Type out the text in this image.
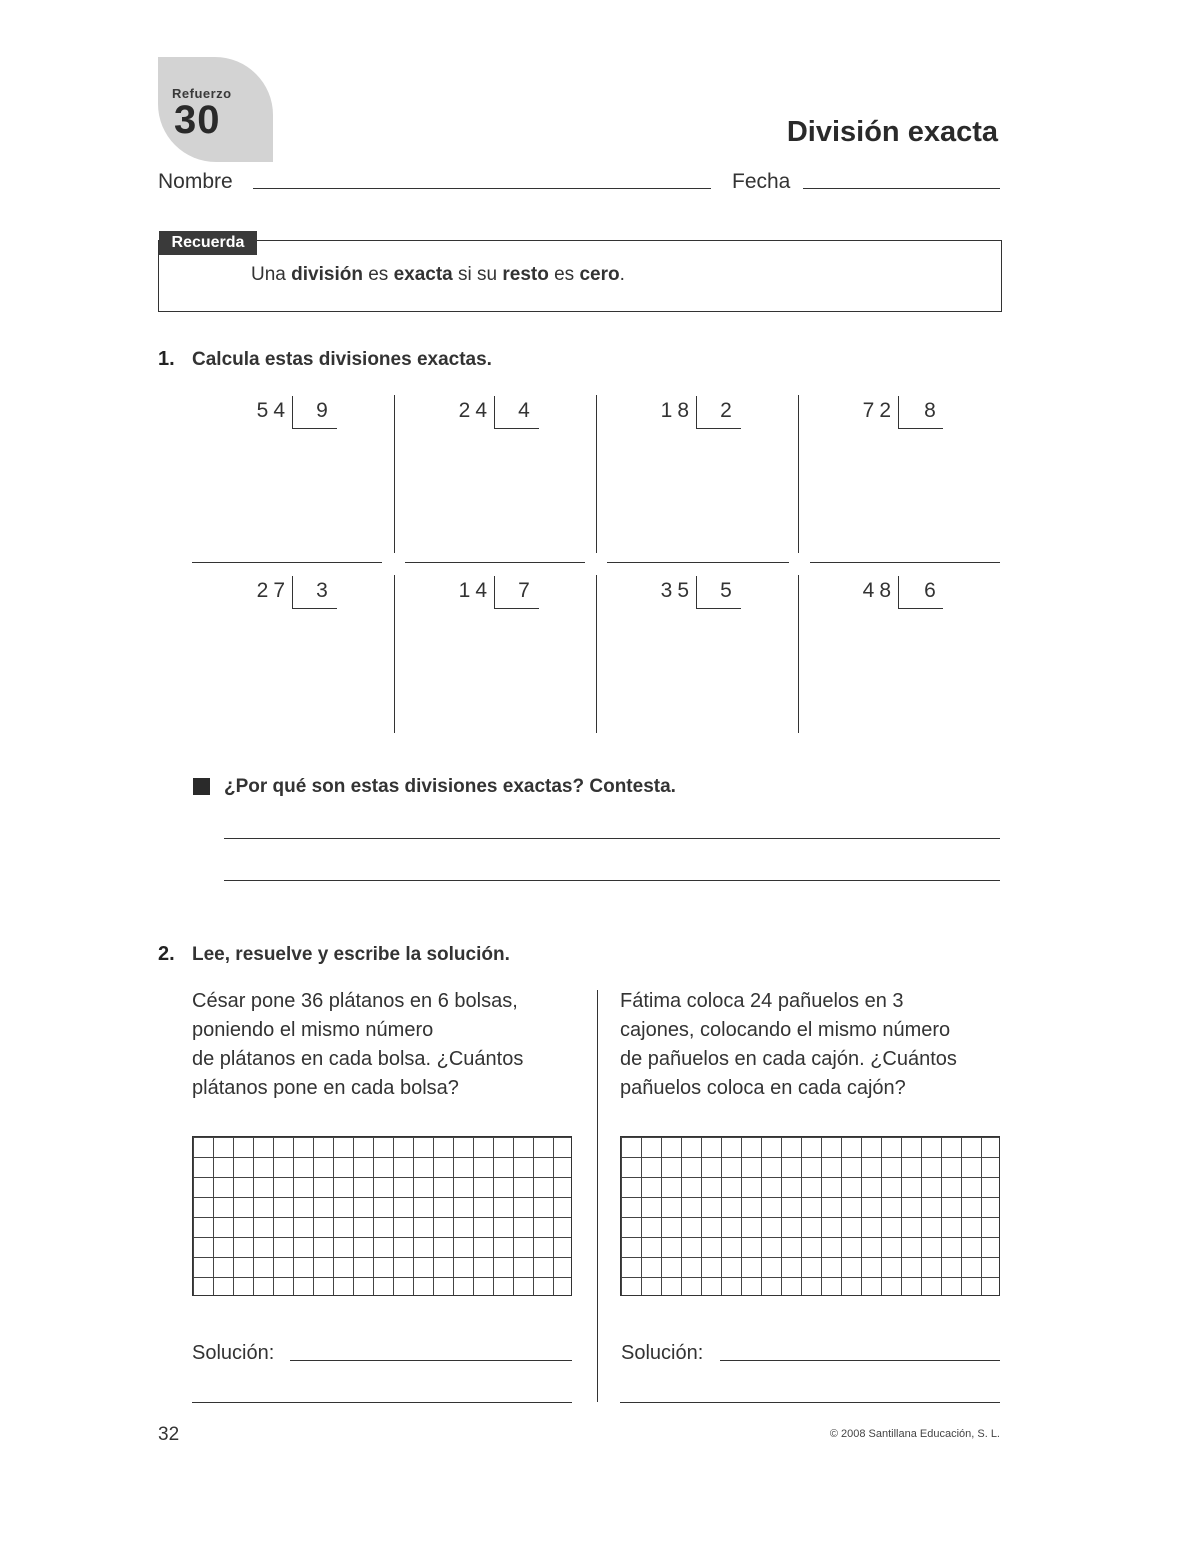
Refuerzo
30	División exacta
Nombre	Fecha
Recuerda
Una división es exacta si su resto es cero.
1. Calcula estas divisiones exactas.
54	9	24	4	18	2	72	8
27	3	14	7	35	5	48	6
¿Por qué son estas divisiones exactas? Contesta.
2. Lee, resuelve y escribe la solución.
César pone 36 plátanos en 6 bolsas,
poniendo el mismo número
de plátanos en cada bolsa. ¿Cuántos
plátanos pone en cada bolsa?
Solución:
Fátima coloca 24 pañuelos en 3
cajones, colocando el mismo número
de pañuelos en cada cajón. ¿Cuántos
pañuelos coloca en cada cajón?
Solución:
32	© 2008 Santillana Educación, S. L.
